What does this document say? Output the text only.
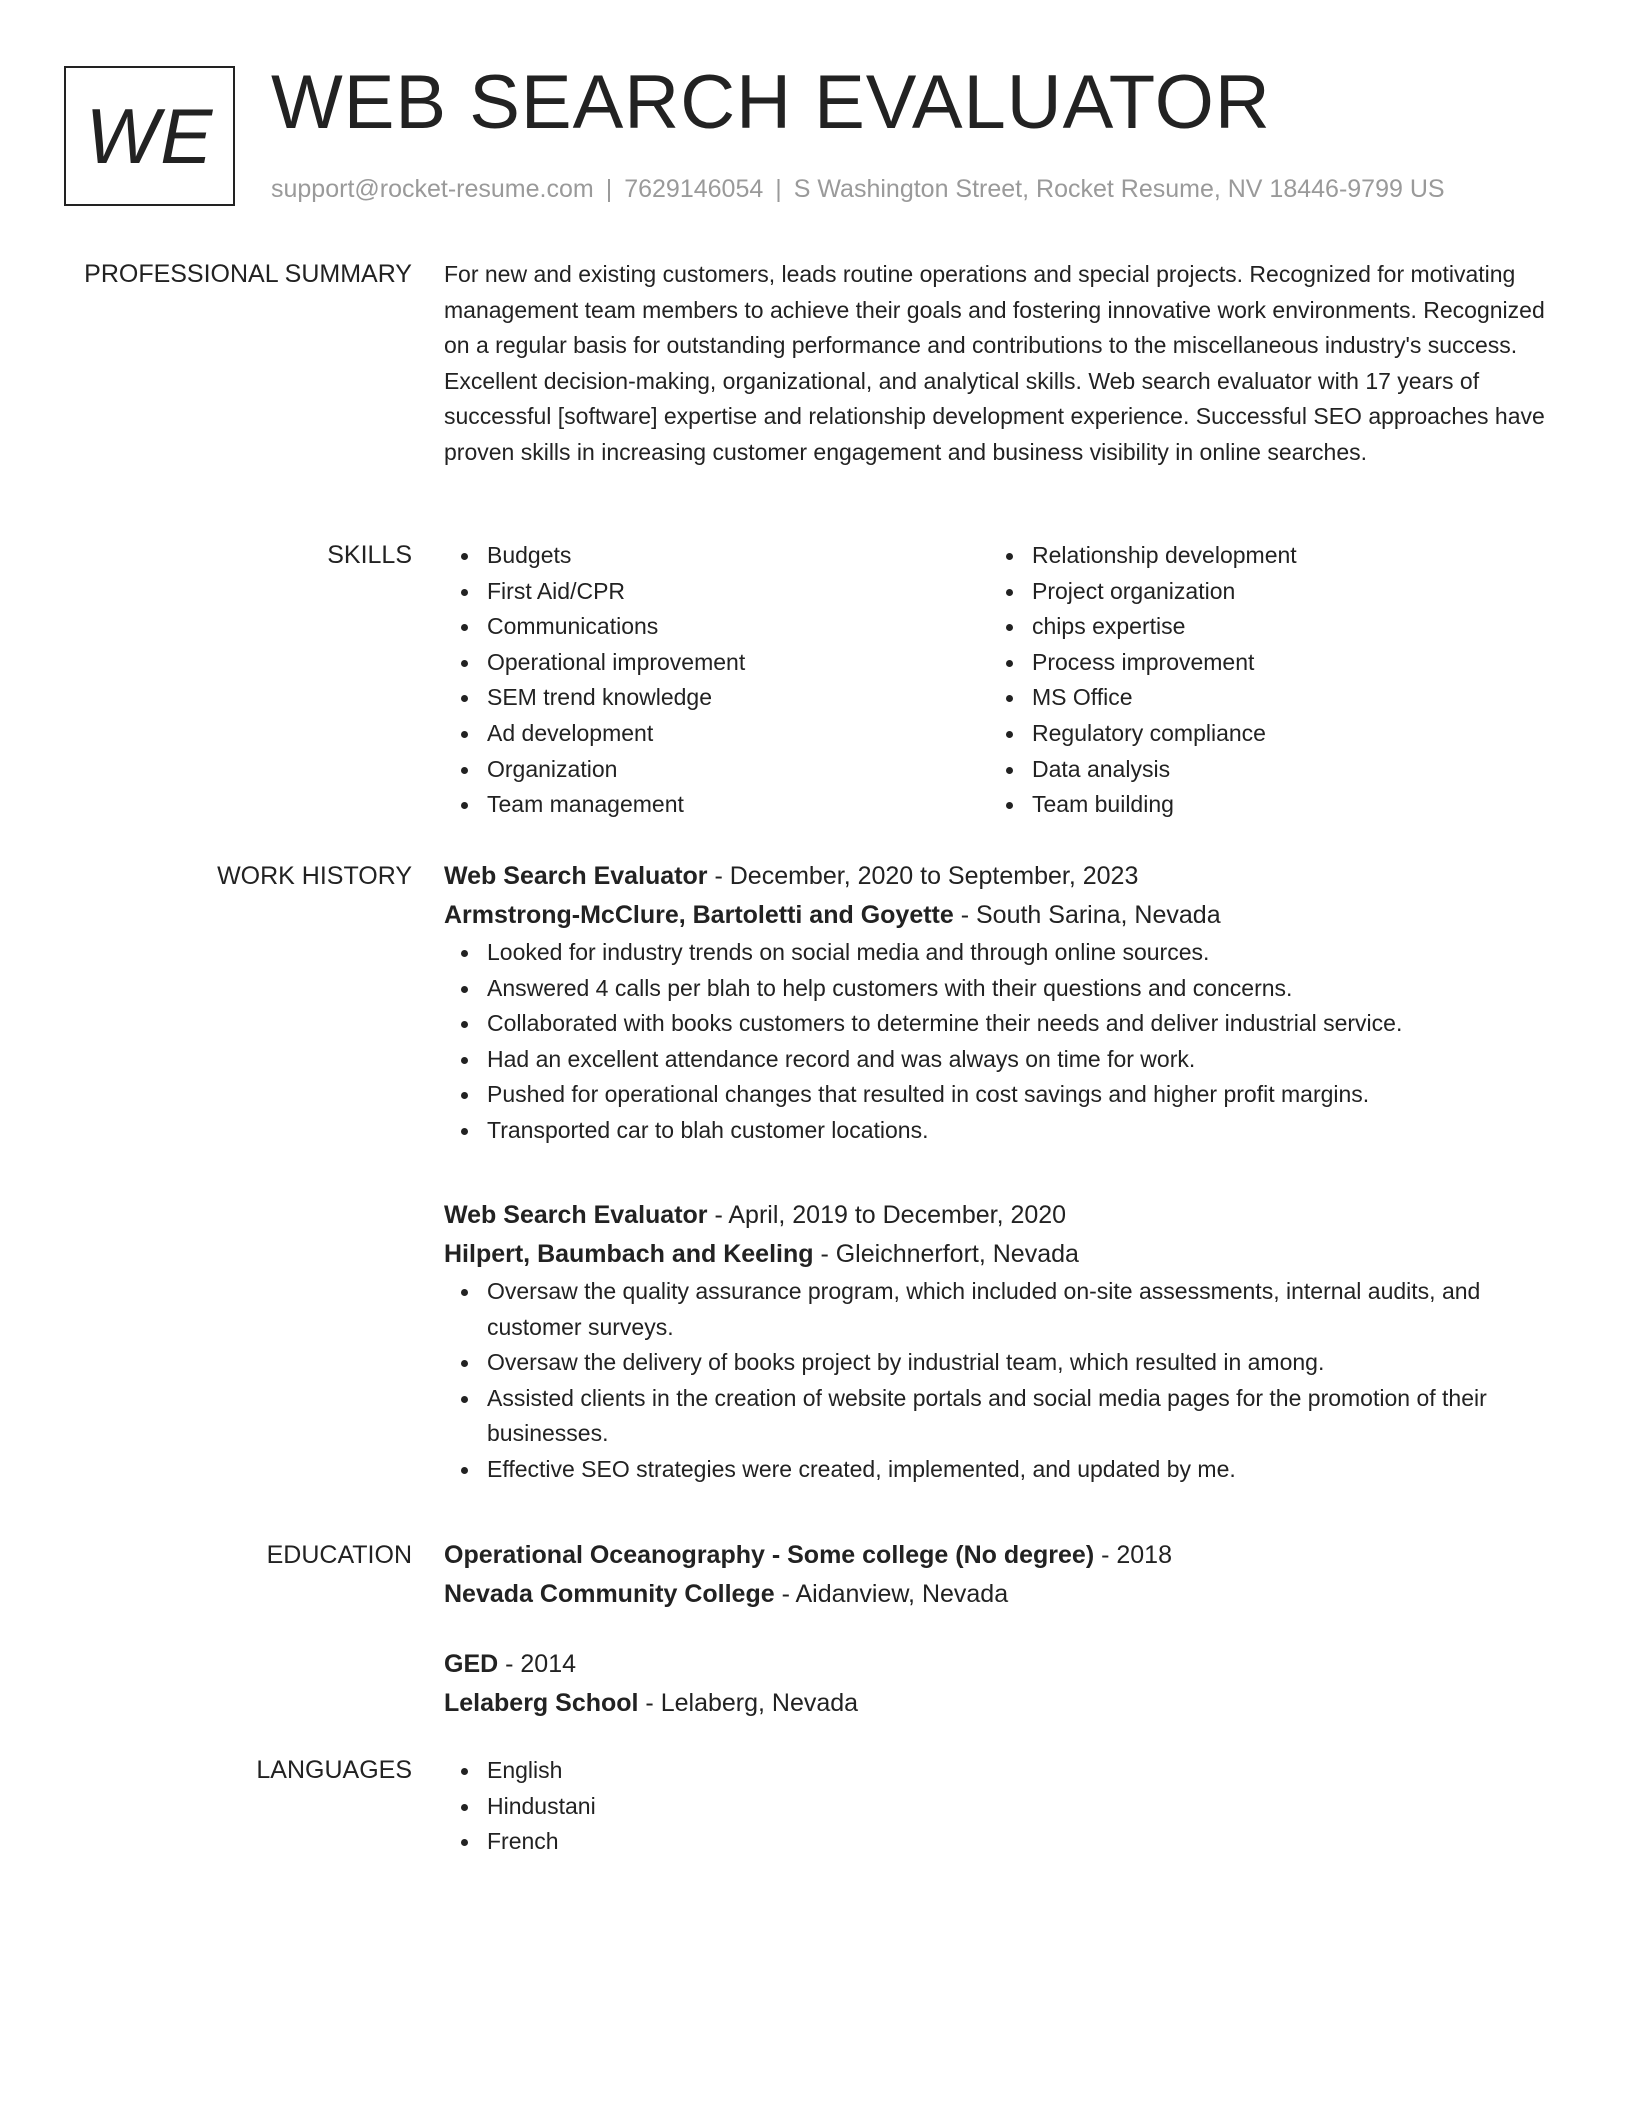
WE WEB SEARCH EVALUATOR
support@rocket-resume.com | 7629146054 | S Washington Street, Rocket Resume, NV 18446-9799 US
PROFESSIONAL SUMMARY For new and existing customers, leads routine operations and special projects. Recognized for motivating management team members to achieve their goals and fostering innovative work environments. Recognized on a regular basis for outstanding performance and contributions to the miscellaneous industry's success. Excellent decision-making, organizational, and analytical skills. Web search evaluator with 17 years of successful [software] expertise and relationship development experience. Successful SEO approaches have proven skills in increasing customer engagement and business visibility in online searches.

SKILLS	Budgets
First Aid/CPR
Communications
Operational improvement
SEM trend knowledge
Ad development
Organization
Team management
Relationship development
Project organization
chips expertise
Process improvement
MS Office
Regulatory compliance
Data analysis
Team building
WORK HISTORY Web Search Evaluator - December, 2020 to September, 2023
Armstrong-McClure, Bartoletti and Goyette - South Sarina, Nevada
Looked for industry trends on social media and through online sources.
Answered 4 calls per blah to help customers with their questions and concerns.
Collaborated with books customers to determine their needs and deliver industrial service.
Had an excellent attendance record and was always on time for work.
Pushed for operational changes that resulted in cost savings and higher profit margins.
Transported car to blah customer locations.
Web Search Evaluator - April, 2019 to December, 2020
Hilpert, Baumbach and Keeling - Gleichnerfort, Nevada
Oversaw the quality assurance program, which included on-site assessments, internal audits, and customer surveys.
Oversaw the delivery of books project by industrial team, which resulted in among.
Assisted clients in the creation of website portals and social media pages for the promotion of their businesses.
Effective SEO strategies were created, implemented, and updated by me.
EDUCATION Operational Oceanography - Some college (No degree) - 2018
Nevada Community College - Aidanview, Nevada
GED - 2014
Lelaberg School - Lelaberg, Nevada
LANGUAGES	English
Hindustani
French
